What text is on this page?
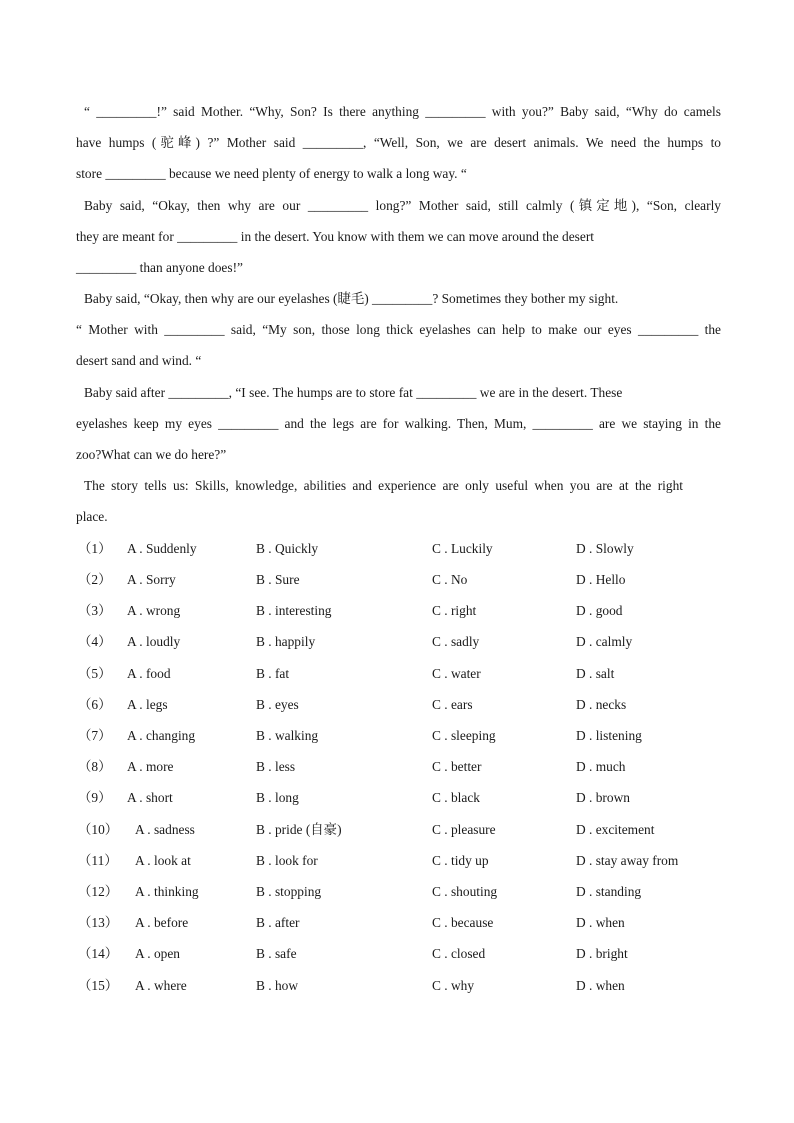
“ _________!” said Mother. “Why, Son? Is there anything _________ with you?” Baby said, “Why do camels
have humps (驼峰) ?” Mother said _________, “Well, Son, we are desert animals. We need the humps to
store _________ because we need plenty of energy to walk a long way. “
Baby said, “Okay, then why are our _________ long?” Mother said, still calmly (镇定地), “Son, clearly
they are meant for _________ in the desert. You know with them we can move around the desert
_________ than anyone does!”
Baby said, “Okay, then why are our eyelashes (睫毛) _________? Sometimes they bother my sight.
“ Mother with _________ said, “My son, those long thick eyelashes can help to make our eyes _________ the
desert sand and wind. “
Baby said after _________, “I see. The humps are to store fat _________ we are in the desert. These
eyelashes keep my eyes _________ and the legs are for walking. Then, Mum, _________ are we staying in the
zoo?What can we do here?”
The story tells us: Skills, knowledge, abilities and experience are only useful when you are at the right
place.
（1） A . Suddenly	B . Quickly	C . Luckily	D . Slowly
（2） A . Sorry	B . Sure	C . No	D . Hello
（3） A . wrong	B . interesting	C . right	D . good
（4） A . loudly	B . happily	C . sadly	D . calmly
（5） A . food	B . fat	C . water	D . salt
（6） A . legs	B . eyes	C . ears	D . necks
（7） A . changing	B . walking	C . sleeping	D . listening
（8） A . more	B . less	C . better	D . much
（9） A . short	B . long	C . black	D . brown
（10） A . sadness	B . pride (自豪)	C . pleasure	D . excitement
（11） A . look at	B . look for	C . tidy up	D . stay away from
（12） A . thinking	B . stopping	C . shouting	D . standing
（13） A . before	B . after	C . because	D . when
（14） A . open	B . safe	C . closed	D . bright
（15） A . where	B . how	C . why	D . when
